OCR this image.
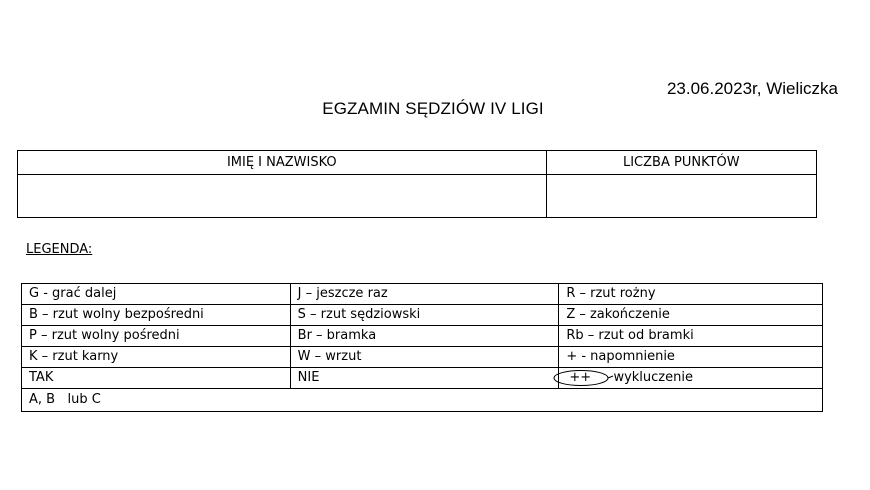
23.06.2023r, Wieliczka
EGZAMIN SĘDZIÓW IV LIGI
IMIĘ I NAZWISKO	LICZBA PUNKTÓW

LEGENDA:
G - grać dalej	J – jeszcze raz	R – rzut rożny
B – rzut wolny bezpośredni	S – rzut sędziowski	Z – zakończenie
P – rzut wolny pośredni	Br – bramka	Rb – rzut od bramki
K – rzut karny	W – wrzut	+ - napomnienie
TAK	NIE	++ wykluczenie
A, B   lub C		
